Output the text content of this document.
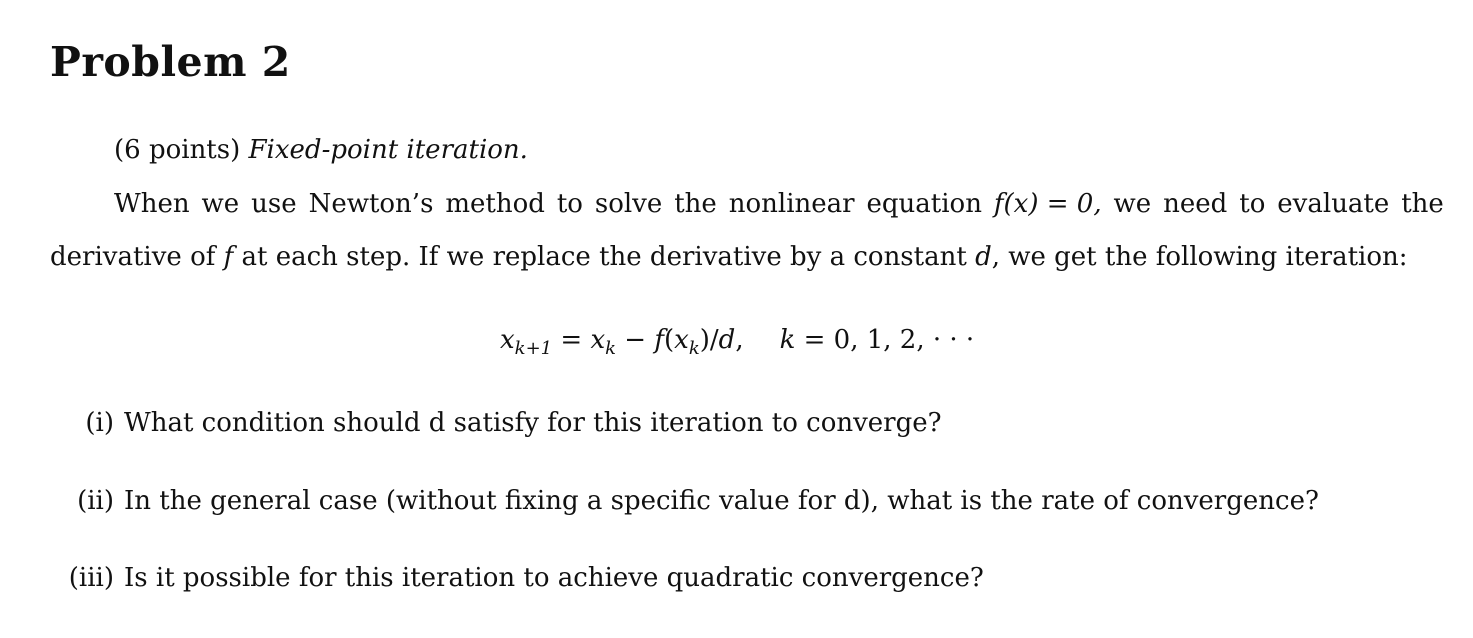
Problem 2
(6 points) Fixed-point iteration.
When we use Newton’s method to solve the nonlinear equation f(x) = 0, we need to evaluate the
derivative of f at each step. If we replace the derivative by a constant d, we get the following iteration:
$x_{k+1} = x_k - f(x_k)/d$, k = 0, 1, 2, · · ·
(i) What condition should d satisfy for this iteration to converge?
(ii) In the general case (without fixing a specific value for d), what is the rate of convergence?
(iii) Is it possible for this iteration to achieve quadratic convergence?
